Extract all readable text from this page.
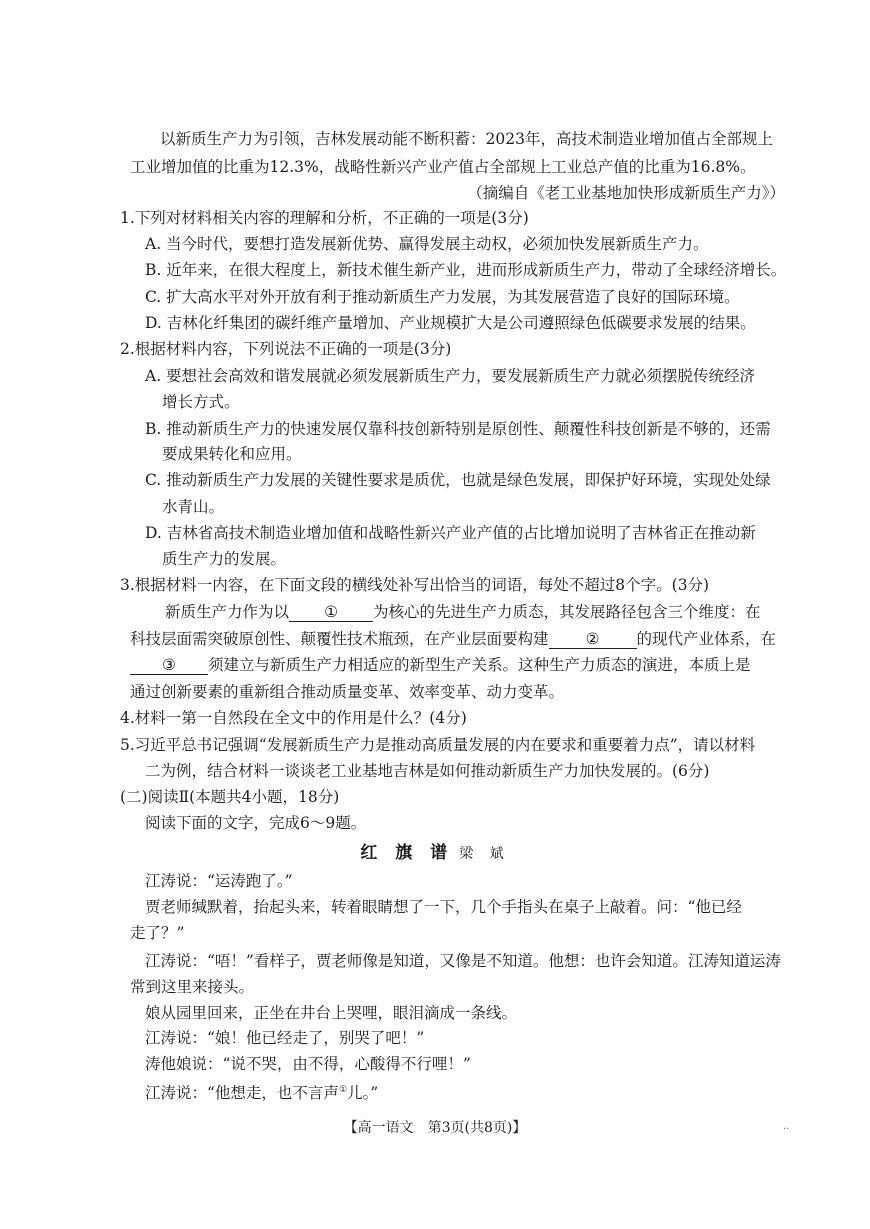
以新质生产力为引领，吉林发展动能不断积蓄：2023年，高技术制造业增加值占全部规上
工业增加值的比重为12.3%，战略性新兴产业产值占全部规上工业总产值的比重为16.8%。
（摘编自《老工业基地加快形成新质生产力》）
1.下列对材料相关内容的理解和分析，不正确的一项是(3分)
A. 当今时代，要想打造发展新优势、赢得发展主动权，必须加快发展新质生产力。
B. 近年来，在很大程度上，新技术催生新产业，进而形成新质生产力，带动了全球经济增长。
C. 扩大高水平对外开放有利于推动新质生产力发展，为其发展营造了良好的国际环境。
D. 吉林化纤集团的碳纤维产量增加、产业规模扩大是公司遵照绿色低碳要求发展的结果。
2.根据材料内容，下列说法不正确的一项是(3分)
A. 要想社会高效和谐发展就必须发展新质生产力，要发展新质生产力就必须摆脱传统经济
增长方式。
B. 推动新质生产力的快速发展仅靠科技创新特别是原创性、颠覆性科技创新是不够的，还需
要成果转化和应用。
C. 推动新质生产力发展的关键性要求是质优，也就是绿色发展，即保护好环境，实现处处绿
水青山。
D. 吉林省高技术制造业增加值和战略性新兴产业产值的占比增加说明了吉林省正在推动新
质生产力的发展。
3.根据材料一内容，在下面文段的横线处补写出恰当的词语，每处不超过8个字。(3分)
新质生产力作为以 ① 为核心的先进生产力质态，其发展路径包含三个维度：在
科技层面需突破原创性、颠覆性技术瓶颈，在产业层面要构建 ② 的现代产业体系，在
③ 须建立与新质生产力相适应的新型生产关系。这种生产力质态的演进，本质上是
通过创新要素的重新组合推动质量变革、效率变革、动力变革。
4.材料一第一自然段在全文中的作用是什么？(4分)
5.习近平总书记强调“发展新质生产力是推动高质量发展的内在要求和重要着力点”，请以材料
二为例，结合材料一谈谈老工业基地吉林是如何推动新质生产力加快发展的。(6分)
(二)阅读Ⅱ(本题共4小题，18分)
阅读下面的文字，完成6～9题。
红 旗 谱 梁 斌
江涛说：“运涛跑了。”
贾老师缄默着，抬起头来，转着眼睛想了一下，几个手指头在桌子上敲着。问：“他已经
走了？”
江涛说：“唔！”看样子，贾老师像是知道，又像是不知道。他想：也许会知道。江涛知道运涛
常到这里来接头。
娘从园里回来，正坐在井台上哭哩，眼泪滴成一条线。
江涛说：“娘！他已经走了，别哭了吧！”
涛他娘说：“说不哭，由不得，心酸得不行哩！”
江涛说：“他想走，也不言声①儿。”
【高一语文　第3页(共8页)】	··
